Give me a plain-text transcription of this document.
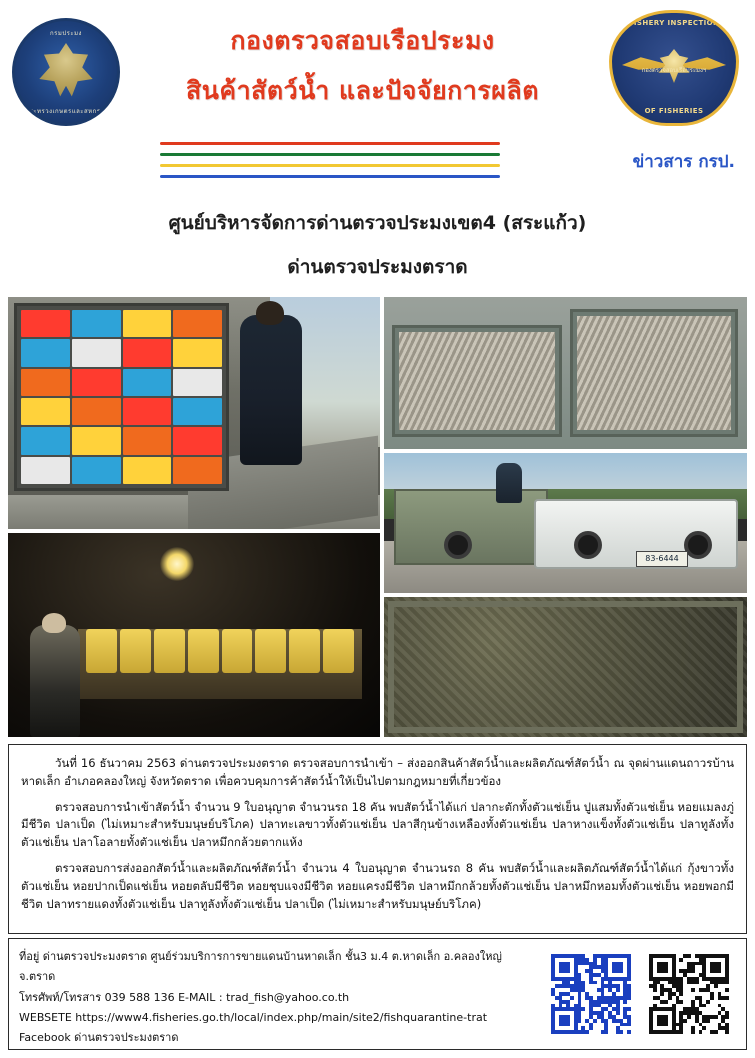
กรมประมง
กระทรวงเกษตรและสหกรณ์
FISHERY INSPECTION
กองตรวจสอบเรือประมงฯ
OF FISHERIES
กองตรวจสอบเรือประมง
สินค้าสัตว์น้ำ และปัจจัยการผลิต
ข่าวสาร กรป.
ศูนย์บริหารจัดการด่านตรวจประมงเขต4 (สระแก้ว)
ด่านตรวจประมงตราด
83-6444

วันที่ 16 ธันวาคม 2563 ด่านตรวจประมงตราด ตรวจสอบการนำเข้า – ส่งออกสินค้าสัตว์น้ำและผลิตภัณฑ์สัตว์น้ำ ณ จุดผ่านแดนถาวรบ้านหาดเล็ก อำเภอคลองใหญ่ จังหวัดตราด เพื่อควบคุมการค้าสัตว์น้ำให้เป็นไปตามกฎหมายที่เกี่ยวข้อง

ตรวจสอบการนำเข้าสัตว์น้ำ จำนวน 9 ใบอนุญาต จำนวนรถ 18 คัน พบสัตว์น้ำได้แก่ ปลากะตักทั้งตัวแช่เย็น ปูแสมทั้งตัวแช่เย็น หอยแมลงภู่มีชีวิต ปลาเป็ด (ไม่เหมาะสำหรับมนุษย์บริโภค) ปลาทะเลขาวทั้งตัวแช่เย็น ปลาสีกุนข้างเหลืองทั้งตัวแช่เย็น ปลาหางแข็งทั้งตัวแช่เย็น ปลาทูลังทั้งตัวแช่เย็น ปลาโอลายทั้งตัวแช่เย็น ปลาหมึกกล้วยตากแห้ง

ตรวจสอบการส่งออกสัตว์น้ำและผลิตภัณฑ์สัตว์น้ำ จำนวน 4 ใบอนุญาต จำนวนรถ 8 คัน พบสัตว์น้ำและผลิตภัณฑ์สัตว์น้ำได้แก่ กุ้งขาวทั้งตัวแช่เย็น หอยปากเป็ดแช่เย็น หอยตลับมีชีวิต หอยชุบแจงมีชีวิต หอยแครงมีชีวิต ปลาหมึกกล้วยทั้งตัวแช่เย็น ปลาหมึกหอมทั้งตัวแช่เย็น หอยพอกมีชีวิต ปลาทรายแดงทั้งตัวแช่เย็น ปลาทูลังทั้งตัวแช่เย็น ปลาเป็ด (ไม่เหมาะสำหรับมนุษย์บริโภค)

ที่อยู่ ด่านตรวจประมงตราด ศูนย์ร่วมบริการการขายแดนบ้านหาดเล็ก ชั้น3 ม.4 ต.หาดเล็ก อ.คลองใหญ่ จ.ตราด
โทรศัพท์/โทรสาร 039 588 136 E-MAIL : trad_fish@yahoo.co.th
WEBSETE https://www4.fisheries.go.th/local/index.php/main/site2/fishquarantine-trat
Facebook ด่านตรวจประมงตราด
